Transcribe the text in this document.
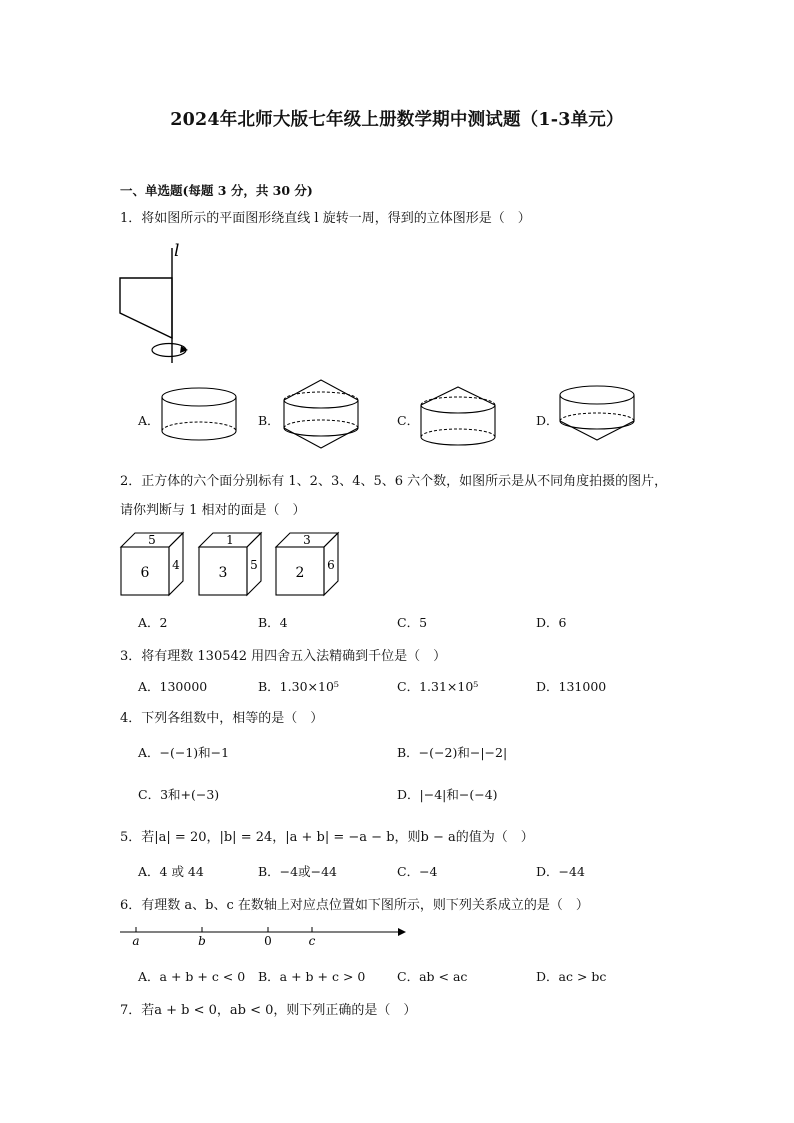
2024年北师大版七年级上册数学期中测试题（1-3单元）
一、单选题(每题 3 分，共 30 分)
1．将如图所示的平面图形绕直线 l 旋转一周，得到的立体图形是（　）
l
A．	B．	C．	D．
2．正方体的六个面分别标有 1、2、3、4、5、6 六个数，如图所示是从不同角度拍摄的图片，
请你判断与 1 相对的面是（　）
5
6 4
1
3 5
3
2 6
A．2	B．4	C．5	D．6
3．将有理数 130542 用四舍五入法精确到千位是（　）
A．130000	B．1.30×10⁵	C．1.31×10⁵	D．131000
4．下列各组数中，相等的是（　）
A．−(−1)和−1	B．−(−2)和−|−2|
C．3和+(−3)	D．|−4|和−(−4)
5．若|a| = 20，|b| = 24，|a + b| = −a − b，则b − a的值为（　）
A．4 或 44	B．−4或−44	C．−4	D．−44
6．有理数 a、b、c 在数轴上对应点位置如下图所示，则下列关系成立的是（　）
a	b	0	c
A．a + b + c < 0 B．a + b + c > 0	C．ab < ac	D．ac > bc
7．若a + b < 0，ab < 0，则下列正确的是（　）
